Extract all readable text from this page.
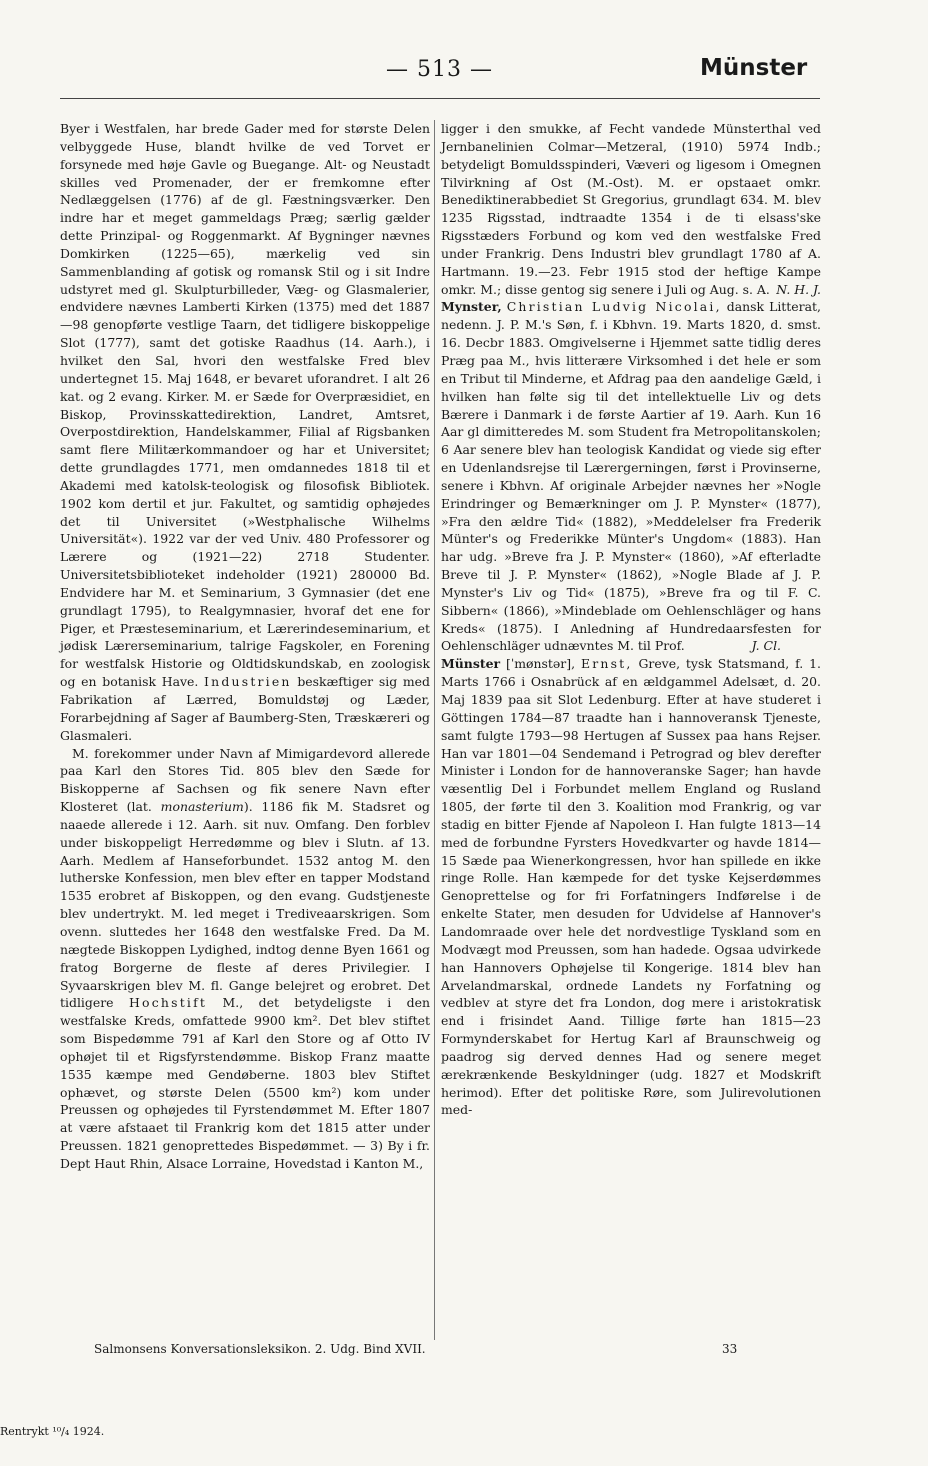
— 513 —	Münster

Byer i Westfalen, har brede Gader med for største Delen velbyggede Huse, blandt hvilke de ved Torvet er forsynede med høje Gavle og Buegange. Alt- og Neustadt skilles ved Promenader, der er fremkomne efter Nedlæggelsen (1776) af de gl. Fæstningsværker. Den indre har et meget gammeldags Præg; særlig gælder dette Prinzipal- og Roggenmarkt. Af Bygninger nævnes Domkirken (1225—65), mærkelig ved sin Sammenblanding af gotisk og romansk Stil og i sit Indre udstyret med gl. Skulpturbilleder, Væg- og Glasmalerier, endvidere nævnes Lamberti Kirken (1375) med det 1887—98 genopførte vestlige Taarn, det tidligere biskoppelige Slot (1777), samt det gotiske Raadhus (14. Aarh.), i hvilket den Sal, hvori den westfalske Fred blev undertegnet 15. Maj 1648, er bevaret uforandret. I alt 26 kat. og 2 evang. Kirker. M. er Sæde for Overpræsidiet, en Biskop, Provinsskattedirektion, Landret, Amtsret, Overpostdirektion, Handelskammer, Filial af Rigsbanken samt flere Militærkommandoer og har et Universitet; dette grundlagdes 1771, men omdannedes 1818 til et Akademi med katolsk-teologisk og filosofisk Bibliotek. 1902 kom dertil et jur. Fakultet, og samtidig ophøjedes det til Universitet (»Westphalische Wilhelms Universität«). 1922 var der ved Univ. 480 Professorer og Lærere og (1921—22) 2718 Studenter. Universitetsbiblioteket indeholder (1921) 280000 Bd. Endvidere har M. et Seminarium, 3 Gymnasier (det ene grundlagt 1795), to Realgymnasier, hvoraf det ene for Piger, et Præsteseminarium, et Lærerindeseminarium, et jødisk Lærerseminarium, talrige Fagskoler, en Forening for westfalsk Historie og Oldtidskundskab, en zoologisk og en botanisk Have. Industrien beskæftiger sig med Fabrikation af Lærred, Bomuldstøj og Læder, Forarbejdning af Sager af Baumberg-Sten, Træskæreri og Glasmaleri.

M. forekommer under Navn af Mimigardevord allerede paa Karl den Stores Tid. 805 blev den Sæde for Biskopperne af Sachsen og fik senere Navn efter Klosteret (lat. monasterium). 1186 fik M. Stadsret og naaede allerede i 12. Aarh. sit nuv. Omfang. Den forblev under biskoppeligt Herredømme og blev i Slutn. af 13. Aarh. Medlem af Hanseforbundet. 1532 antog M. den lutherske Konfession, men blev efter en tapper Modstand 1535 erobret af Biskoppen, og den evang. Gudstjeneste blev undertrykt. M. led meget i Trediveaarskrigen. Som ovenn. sluttedes her 1648 den westfalske Fred. Da M. nægtede Biskoppen Lydighed, indtog denne Byen 1661 og fratog Borgerne de fleste af deres Privilegier. I Syvaarskrigen blev M. fl. Gange belejret og erobret. Det tidligere Hochstift M., det betydeligste i den westfalske Kreds, omfattede 9900 km². Det blev stiftet som Bispedømme 791 af Karl den Store og af Otto IV ophøjet til et Rigsfyrstendømme. Biskop Franz maatte 1535 kæmpe med Gendøberne. 1803 blev Stiftet ophævet, og største Delen (5500 km²) kom under Preussen og ophøjedes til Fyrstendømmet M. Efter 1807 at være afstaaet til Frankrig kom det 1815 atter under Preussen. 1821 genoprettedes Bispedømmet. — 3) By i fr. Dept Haut Rhin, Alsace Lorraine, Hovedstad i Kanton M.,

ligger i den smukke, af Fecht vandede Münsterthal ved Jernbanelinien Colmar—Metzeral, (1910) 5974 Indb.; betydeligt Bomuldsspinderi, Væveri og ligesom i Omegnen Tilvirkning af Ost (M.-Ost). M. er opstaaet omkr. Benediktinerabbediet St Gregorius, grundlagt 634. M. blev 1235 Rigsstad, indtraadte 1354 i de ti elsass'ske Rigsstæders Forbund og kom ved den westfalske Fred under Frankrig. Dens Industri blev grundlagt 1780 af A. Hartmann. 19.—23. Febr 1915 stod der heftige Kampe omkr. M.; disse gentog sig senere i Juli og Aug. s. A. N. H. J.

Mynster, Christian Ludvig Nicolai, dansk Litterat, nedenn. J. P. M.'s Søn, f. i Kbhvn. 19. Marts 1820, d. smst. 16. Decbr 1883. Omgivelserne i Hjemmet satte tidlig deres Præg paa M., hvis litterære Virksomhed i det hele er som en Tribut til Minderne, et Afdrag paa den aandelige Gæld, i hvilken han følte sig til det intellektuelle Liv og dets Bærere i Danmark i de første Aartier af 19. Aarh. Kun 16 Aar gl dimitteredes M. som Student fra Metropolitanskolen; 6 Aar senere blev han teologisk Kandidat og viede sig efter en Udenlandsrejse til Lærergerningen, først i Provinserne, senere i Kbhvn. Af originale Arbejder nævnes her »Nogle Erindringer og Bemærkninger om J. P. Mynster« (1877), »Fra den ældre Tid« (1882), »Meddelelser fra Frederik Münter's og Frederikke Münter's Ungdom« (1883). Han har udg. »Breve fra J. P. Mynster« (1860), »Af efterladte Breve til J. P. Mynster« (1862), »Nogle Blade af J. P. Mynster's Liv og Tid« (1875), »Breve fra og til F. C. Sibbern« (1866), »Mindeblade om Oehlenschläger og hans Kreds« (1875). I Anledning af Hundredaarsfesten for Oehlenschläger udnævntes M. til Prof.	J. Cl.

Münster [ˈmønstər], Ernst, Greve, tysk Statsmand, f. 1. Marts 1766 i Osnabrück af en ældgammel Adelsæt, d. 20. Maj 1839 paa sit Slot Ledenburg. Efter at have studeret i Göttingen 1784—87 traadte han i hannoveransk Tjeneste, samt fulgte 1793—98 Hertugen af Sussex paa hans Rejser. Han var 1801—04 Sendemand i Petrograd og blev derefter Minister i London for de hannoveranske Sager; han havde væsentlig Del i Forbundet mellem England og Rusland 1805, der førte til den 3. Koalition mod Frankrig, og var stadig en bitter Fjende af Napoleon I. Han fulgte 1813—14 med de forbundne Fyrsters Hovedkvarter og havde 1814—15 Sæde paa Wienerkongressen, hvor han spillede en ikke ringe Rolle. Han kæmpede for det tyske Kejserdømmes Genoprettelse og for fri Forfatningers Indførelse i de enkelte Stater, men desuden for Udvidelse af Hannover's Landomraade over hele det nordvestlige Tyskland som en Modvægt mod Preussen, som han hadede. Ogsaa udvirkede han Hannovers Ophøjelse til Kongerige. 1814 blev han Arvelandmarskal, ordnede Landets ny Forfatning og vedblev at styre det fra London, dog mere i aristokratisk end i frisindet Aand. Tillige førte han 1815—23 Formynderskabet for Hertug Karl af Braunschweig og paadrog sig derved dennes Had og senere meget ærekrænkende Beskyldninger (udg. 1827 et Modskrift herimod). Efter det politiske Røre, som Julirevolutionen med-

Salmonsens Konversationsleksikon. 2. Udg. Bind XVII.	33
Rentrykt ¹⁰/₄ 1924.
